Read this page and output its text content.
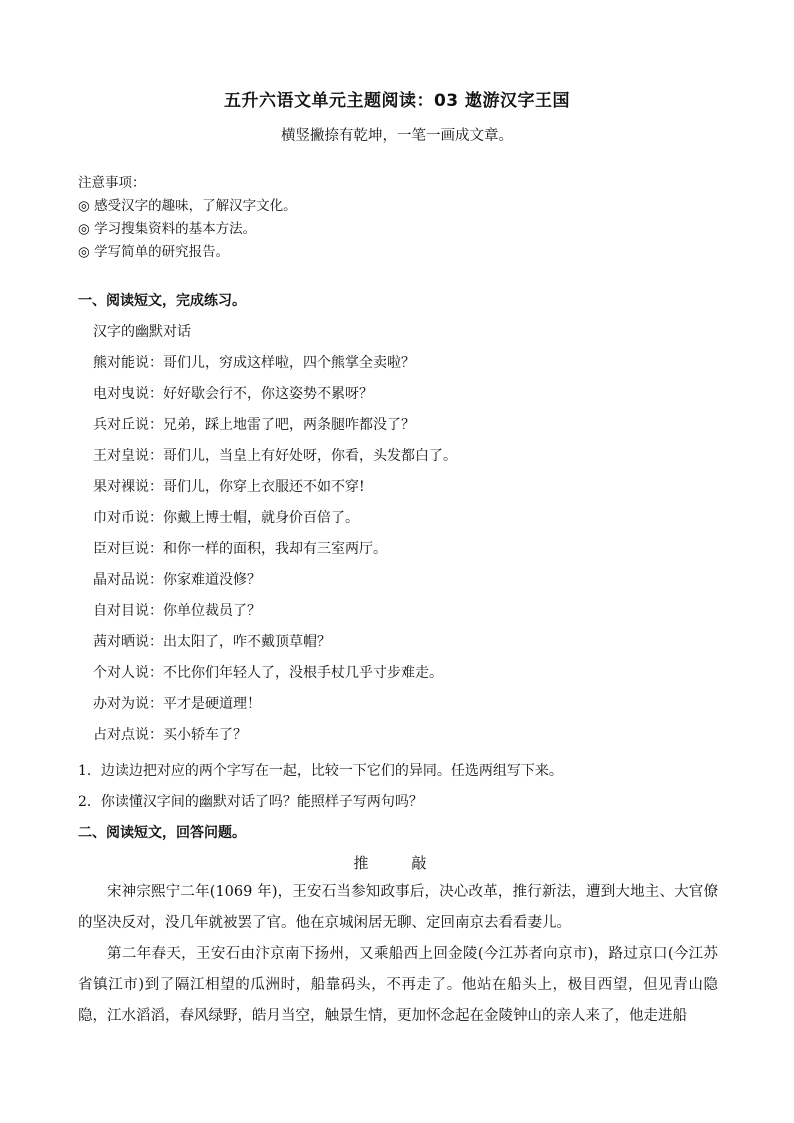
五升六语文单元主题阅读：03 遨游汉字王国
横竖撇捺有乾坤，一笔一画成文章。
注意事项：
◎ 感受汉字的趣味，了解汉字文化。
◎ 学习搜集资料的基本方法。
◎ 学写简单的研究报告。
一、阅读短文，完成练习。
汉字的幽默对话
熊对能说：哥们儿，穷成这样啦，四个熊掌全卖啦？
电对曳说：好好歇会行不，你这姿势不累呀？
兵对丘说：兄弟，踩上地雷了吧，两条腿咋都没了？
王对皇说：哥们儿，当皇上有好处呀，你看，头发都白了。
果对裸说：哥们儿，你穿上衣服还不如不穿!
巾对币说：你戴上博士帽，就身价百倍了。
臣对巨说：和你一样的面积，我却有三室两厅。
晶对品说：你家难道没修？
自对目说：你单位裁员了？
茜对晒说：出太阳了，咋不戴顶草帽？
个对人说：不比你们年轻人了，没根手杖几乎寸步难走。
办对为说：平才是硬道理！
占对点说：买小轿车了？
1．边读边把对应的两个字写在一起，比较一下它们的异同。任选两组写下来。
2．你读懂汉字间的幽默对话了吗？能照样子写两句吗？
二、阅读短文，回答问题。
推　敲

宋神宗熙宁二年(1069 年)，王安石当参知政事后，决心改革，推行新法，遭到大地主、大官僚的坚决反对，没几年就被罢了官。他在京城闲居无聊、定回南京去看看妻儿。

第二年春天，王安石由汴京南下扬州，又乘船西上回金陵(今江苏者向京市)，路过京口(今江苏省镇江市)到了隔江相望的瓜洲时，船靠码头，不再走了。他站在船头上，极目西望，但见青山隐隐，江水滔滔，春风绿野，皓月当空，触景生情，更加怀念起在金陵钟山的亲人来了，他走进船
